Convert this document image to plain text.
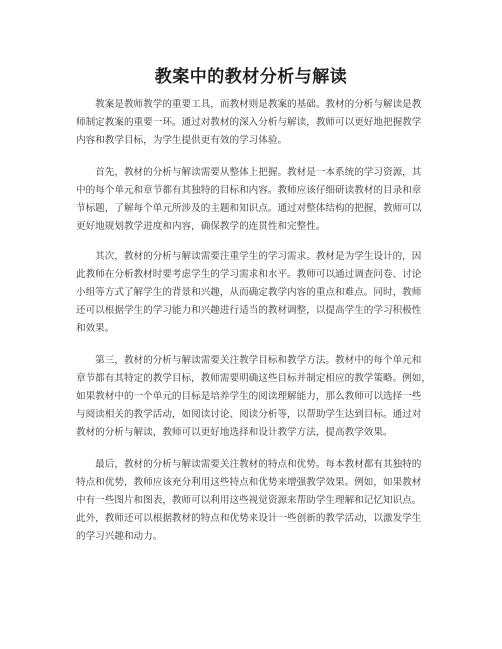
教案中的教材分析与解读

　　教案是教师教学的重要工具，而教材则是教案的基础。教材的分析与解读是教
师制定教案的重要一环。通过对教材的深入分析与解读，教师可以更好地把握教学
内容和教学目标，为学生提供更有效的学习体验。

　　首先，教材的分析与解读需要从整体上把握。教材是一本系统的学习资源，其
中的每个单元和章节都有其独特的目标和内容。教师应该仔细研读教材的目录和章
节标题，了解每个单元所涉及的主题和知识点。通过对整体结构的把握，教师可以
更好地规划教学进度和内容，确保教学的连贯性和完整性。

　　其次，教材的分析与解读需要注重学生的学习需求。教材是为学生设计的，因
此教师在分析教材时要考虑学生的学习需求和水平。教师可以通过调查问卷、讨论
小组等方式了解学生的背景和兴趣，从而确定教学内容的重点和难点。同时，教师
还可以根据学生的学习能力和兴趣进行适当的教材调整，以提高学生的学习积极性
和效果。

　　第三，教材的分析与解读需要关注教学目标和教学方法。教材中的每个单元和
章节都有其特定的教学目标，教师需要明确这些目标并制定相应的教学策略。例如，
如果教材中的一个单元的目标是培养学生的阅读理解能力，那么教师可以选择一些
与阅读相关的教学活动，如阅读讨论、阅读分析等，以帮助学生达到目标。通过对
教材的分析与解读，教师可以更好地选择和设计教学方法，提高教学效果。

　　最后，教材的分析与解读需要关注教材的特点和优势。每本教材都有其独特的
特点和优势，教师应该充分利用这些特点和优势来增强教学效果。例如，如果教材
中有一些图片和图表，教师可以利用这些视觉资源来帮助学生理解和记忆知识点。
此外，教师还可以根据教材的特点和优势来设计一些创新的教学活动，以激发学生
的学习兴趣和动力。
